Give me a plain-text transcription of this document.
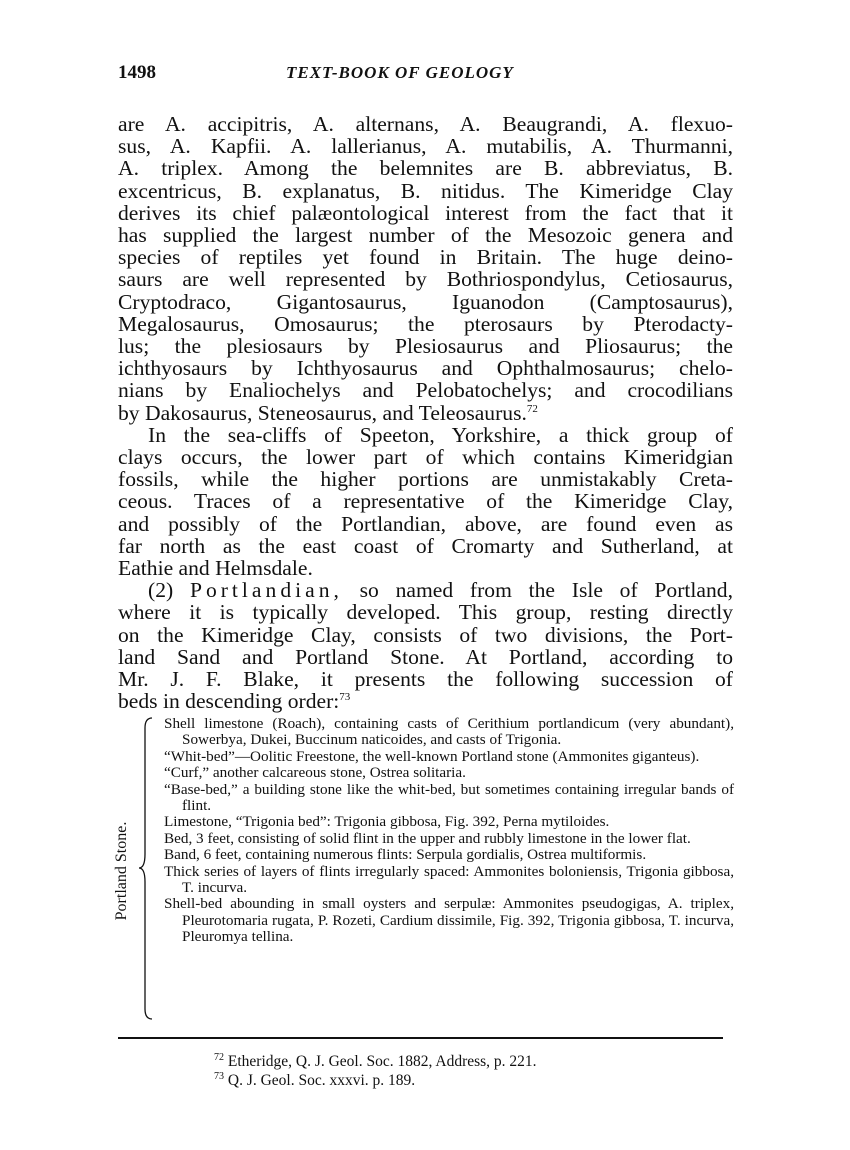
1498	TEXT-BOOK OF GEOLOGY
are A. accipitris, A. alternans, A. Beaugrandi, A. flexuo-
sus, A. Kapfii. A. lallerianus, A. mutabilis, A. Thurmanni,
A. triplex. Among the belemnites are B. abbreviatus, B.
excentricus, B. explanatus, B. nitidus. The Kimeridge Clay
derives its chief palæontological interest from the fact that it
has supplied the largest number of the Mesozoic genera and
species of reptiles yet found in Britain. The huge deino-
saurs are well represented by Bothriospondylus, Cetiosaurus,
Cryptodraco, Gigantosaurus, Iguanodon (Camptosaurus),
Megalosaurus, Omosaurus; the pterosaurs by Pterodacty-
lus; the plesiosaurs by Plesiosaurus and Pliosaurus; the
ichthyosaurs by Ichthyosaurus and Ophthalmosaurus; chelo-
nians by Enaliochelys and Pelobatochelys; and crocodilians
by Dakosaurus, Steneosaurus, and Teleosaurus.$^{72}$
In the sea-cliffs of Speeton, Yorkshire, a thick group of
clays occurs, the lower part of which contains Kimeridgian
fossils, while the higher portions are unmistakably Creta-
ceous. Traces of a representative of the Kimeridge Clay,
and possibly of the Portlandian, above, are found even as
far north as the east coast of Cromarty and Sutherland, at
Eathie and Helmsdale.
(2) Portlandian, so named from the Isle of Portland,
where it is typically developed. This group, resting directly
on the Kimeridge Clay, consists of two divisions, the Port-
land Sand and Portland Stone. At Portland, according to
Mr. J. F. Blake, it presents the following succession of
beds in descending order:$^{73}$
Portland Stone.
Shell limestone (Roach), containing casts of Cerithium portlandicum (very abundant), Sowerbya, Dukei, Buccinum naticoides, and casts of Trigonia.
“Whit-bed”—Oolitic Freestone, the well-known Portland stone (Ammonites giganteus).
“Curf,” another calcareous stone, Ostrea solitaria.
“Base-bed,” a building stone like the whit-bed, but sometimes containing irregular bands of flint.
Limestone, “Trigonia bed”: Trigonia gibbosa, Fig. 392, Perna mytiloides.
Bed, 3 feet, consisting of solid flint in the upper and rubbly limestone in the lower flat.
Band, 6 feet, containing numerous flints: Serpula gordialis, Ostrea multiformis.
Thick series of layers of flints irregularly spaced: Ammonites boloniensis, Trigonia gibbosa, T. incurva.
Shell-bed abounding in small oysters and serpulæ: Ammonites pseudogigas, A. triplex, Pleurotomaria rugata, P. Rozeti, Cardium dissimile, Fig. 392, Trigonia gibbosa, T. incurva, Pleuromya tellina.
$^{72}$ Etheridge, Q. J. Geol. Soc. 1882, Address, p. 221.
$^{73}$ Q. J. Geol. Soc. xxxvi. p. 189.
